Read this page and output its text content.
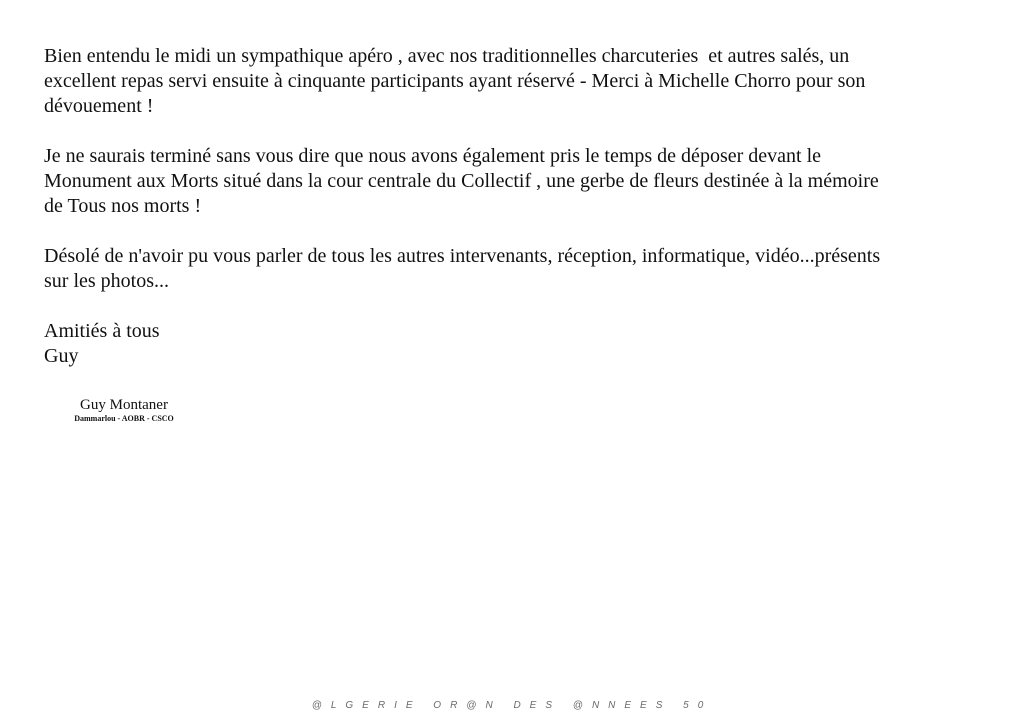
Bien entendu le midi un sympathique apéro , avec nos traditionnelles charcuteries  et autres salés, un
excellent repas servi ensuite à cinquante participants ayant réservé - Merci à Michelle Chorro pour son
dévouement !

Je ne saurais terminé sans vous dire que nous avons également pris le temps de déposer devant le
Monument aux Morts situé dans la cour centrale du Collectif , une gerbe de fleurs destinée à la mémoire
de Tous nos morts !

Désolé de n'avoir pu vous parler de tous les autres intervenants, réception, informatique, vidéo...présents
sur les photos...

Amitiés à tous
Guy

Guy Montaner
Dammarlou - AOBR - CSCO
@LGERIE OR@N DES @NNEES 50
